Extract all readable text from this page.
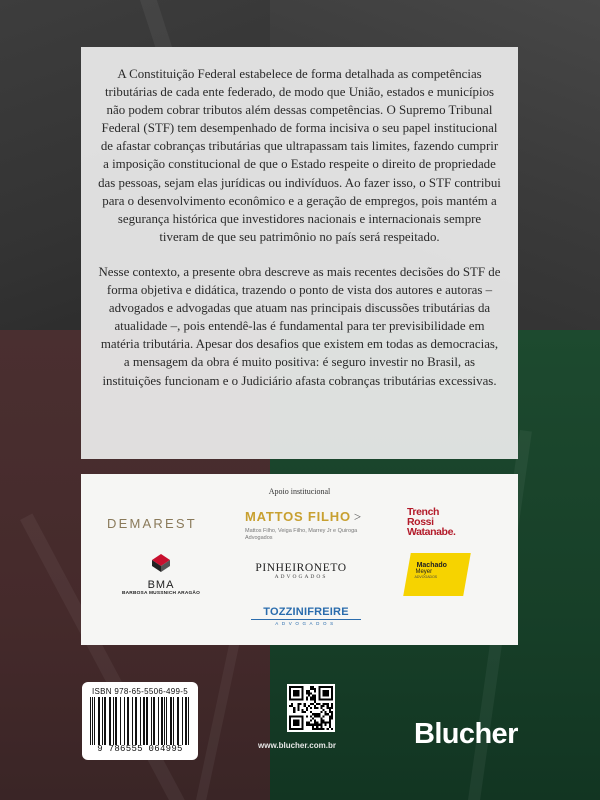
A Constituição Federal estabelece de forma detalhada as competências tributárias de cada ente federado, de modo que União, estados e municípios não podem cobrar tributos além dessas competências. O Supremo Tribunal Federal (STF) tem desempenhado de forma incisiva o seu papel institucional de afastar cobranças tributárias que ultrapassam tais limites, fazendo cumprir a imposição constitucional de que o Estado respeite o direito de propriedade das pessoas, sejam elas jurídicas ou indivíduos. Ao fazer isso, o STF contribui para o desenvolvimento econômico e a geração de empregos, pois mantém a segurança histórica que investidores nacionais e internacionais sempre tiveram de que seu patrimônio no país será respeitado.

Nesse contexto, a presente obra descreve as mais recentes decisões do STF de forma objetiva e didática, trazendo o ponto de vista dos autores e autoras – advogados e advogadas que atuam nas principais discussões tributárias da atualidade –, pois entendê-las é fundamental para ter previsibilidade em matéria tributária. Apesar dos desafios que existem em todas as democracias, a mensagem da obra é muito positiva: é seguro investir no Brasil, as instituições funcionam e o Judiciário afasta cobranças tributárias excessivas.

Apoio institucional
DEMAREST	MATTOS FILHO >
Mattos Filho, Veiga Filho, Marrey Jr e Quiroga Advogados
Trench
Rossi
Watanabe.
BMA
BARBOSA MUSSNICH ARAGÃO
PINHEIRONETO
ADVOGADOS
Machado
Meyer
ADVOGADOS
TOZZINIFREIRE
ADVOGADOS
ISBN 978-65-5506-499-5
9 786555 064995	www.blucher.com.br	Blucher
